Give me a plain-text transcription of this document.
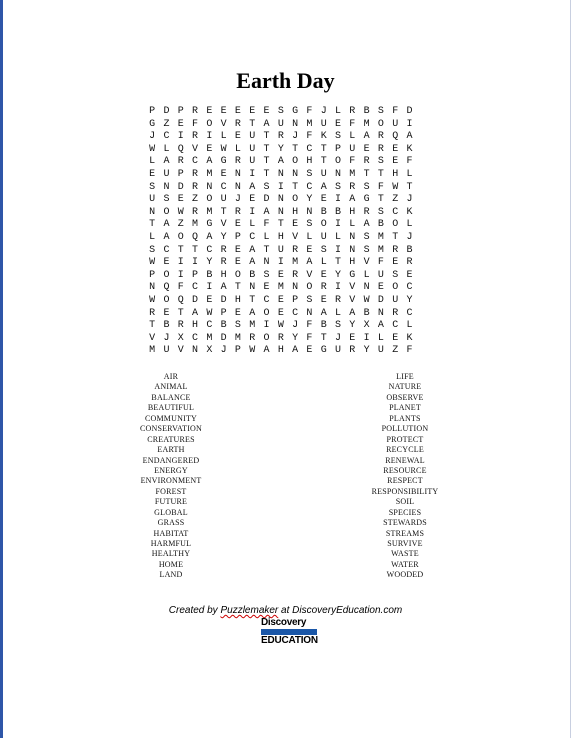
Earth Day
P D P R E E E E E S G F J L R B S F D
G Z E F O V R T A U N M U E F M O U I
J C I R I L E U T R J F K S L A R Q A
W L Q V E W L U T Y T C T P U E R E K
L A R C A G R U T A O H T O F R S E F
E U P R M E N I T N N S U N M T T H L
S N D R N C N A S I T C A S R S F W T
U S E Z O U J E D N O Y E I A G T Z J
N O W R M T R I A N H N B B H R S C K
T A Z M G V E L F T E S O I L A B O L
L A O Q A Y P C L H V L U L N S M T J
S C T T C R E A T U R E S I N S M R B
W E I I Y R E A N I M A L T H V F E R
P O I P B H O B S E R V E Y G L U S E
N Q F C I A T N E M N O R I V N E O C
W O Q D E D H T C E P S E R V W D U Y
R E T A W P E A O E C N A L A B N R C
T B R H C B S M I W J F B S Y X A C L
V J X C M D M R O R Y F T J E I L E K
M U V N X J P W A H A E G U R Y U Z F
AIR
ANIMAL
BALANCE
BEAUTIFUL
COMMUNITY
CONSERVATION
CREATURES
EARTH
ENDANGERED
ENERGY
ENVIRONMENT
FOREST
FUTURE
GLOBAL
GRASS
HABITAT
HARMFUL
HEALTHY
HOME
LAND
LIFE
NATURE
OBSERVE
PLANET
PLANTS
POLLUTION
PROTECT
RECYCLE
RENEWAL
RESOURCE
RESPECT
RESPONSIBILITY
SOIL
SPECIES
STEWARDS
STREAMS
SURVIVE
WASTE
WATER
WOODED
Created by Puzzlemaker at DiscoveryEducation.com
Discovery
EDUCATION
